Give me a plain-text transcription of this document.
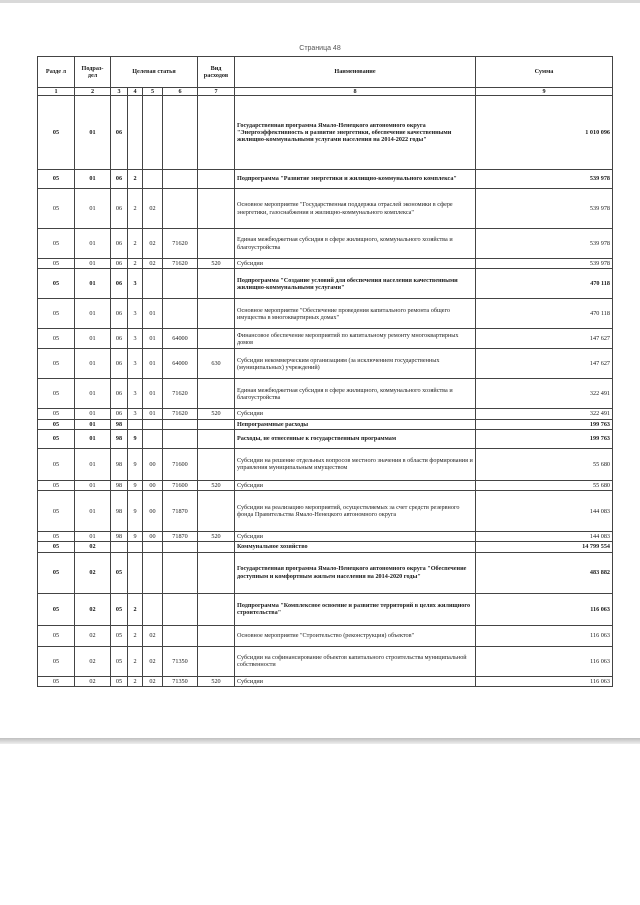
Страница 48
Разде л	Подраз- дел	Целевая статья				Вид расходов	Наименование	Сумма
1	2	3	4	5	6	7	8	9
05	01	06					Государственная программа Ямало-Ненецкого автономного округа "Энергоэффективность и развитие энергетики, обеспечение качественными жилищно-коммунальными услугами населения на 2014-2022 годы"	1 010 096
05	01	06	2				Подпрограмма "Развитие энергетики и жилищно-коммунального комплекса"	539 978
05	01	06	2	02			Основное мероприятие "Государственная поддержка отраслей экономики в сфере энергетики, газоснабжения и жилищно-коммунального комплекса"	539 978
05	01	06	2	02	71620		Единая межбюджетная субсидия в сфере жилищного, коммунального хозяйства и благоустройства	539 978
05	01	06	2	02	71620	520	Субсидии	539 978
05	01	06	3				Подпрограмма "Создание условий для обеспечения населения качественными жилищно-коммунальными услугами"	470 118
05	01	06	3	01			Основное мероприятие "Обеспечение проведения капитального ремонта общего имущества в многоквартирных домах"	470 118
05	01	06	3	01	64000		Финансовое обеспечение мероприятий по капитальному ремонту многоквартирных домов	147 627
05	01	06	3	01	64000	630	Субсидии некоммерческим организациям (за исключением государственных (муниципальных) учреждений)	147 627
05	01	06	3	01	71620		Единая межбюджетная субсидия в сфере жилищного, коммунального хозяйства и благоустройства	322 491
05	01	06	3	01	71620	520	Субсидии	322 491
05	01	98					Непрограммные расходы	199 763
05	01	98	9				Расходы, не отнесенные к государственным программам	199 763
05	01	98	9	00	71600		Субсидии на решение отдельных вопросов местного значения в области формирования и управления муниципальным имуществом	55 680
05	01	98	9	00	71600	520	Субсидии	55 680
05	01	98	9	00	71870		Субсидии на реализацию мероприятий, осуществляемых за счет средств резервного фонда Правительства Ямало-Ненецкого автономного округа	144 083
05	01	98	9	00	71870	520	Субсидии	144 083
05	02						Коммунальное хозяйство	14 799 554
05	02	05					Государственная программа Ямало-Ненецкого автономного округа "Обеспечение доступным и комфортным жильем населения на 2014-2020 годы"	483 882
05	02	05	2				Подпрограмма "Комплексное освоение и развитие территорий в целях жилищного строительства"	116 063
05	02	05	2	02			Основное мероприятие "Строительство (реконструкция) объектов"	116 063
05	02	05	2	02	71350		Субсидии на софинансирование объектов капитального строительства муниципальной собственности	116 063
05	02	05	2	02	71350	520	Субсидии	116 063
